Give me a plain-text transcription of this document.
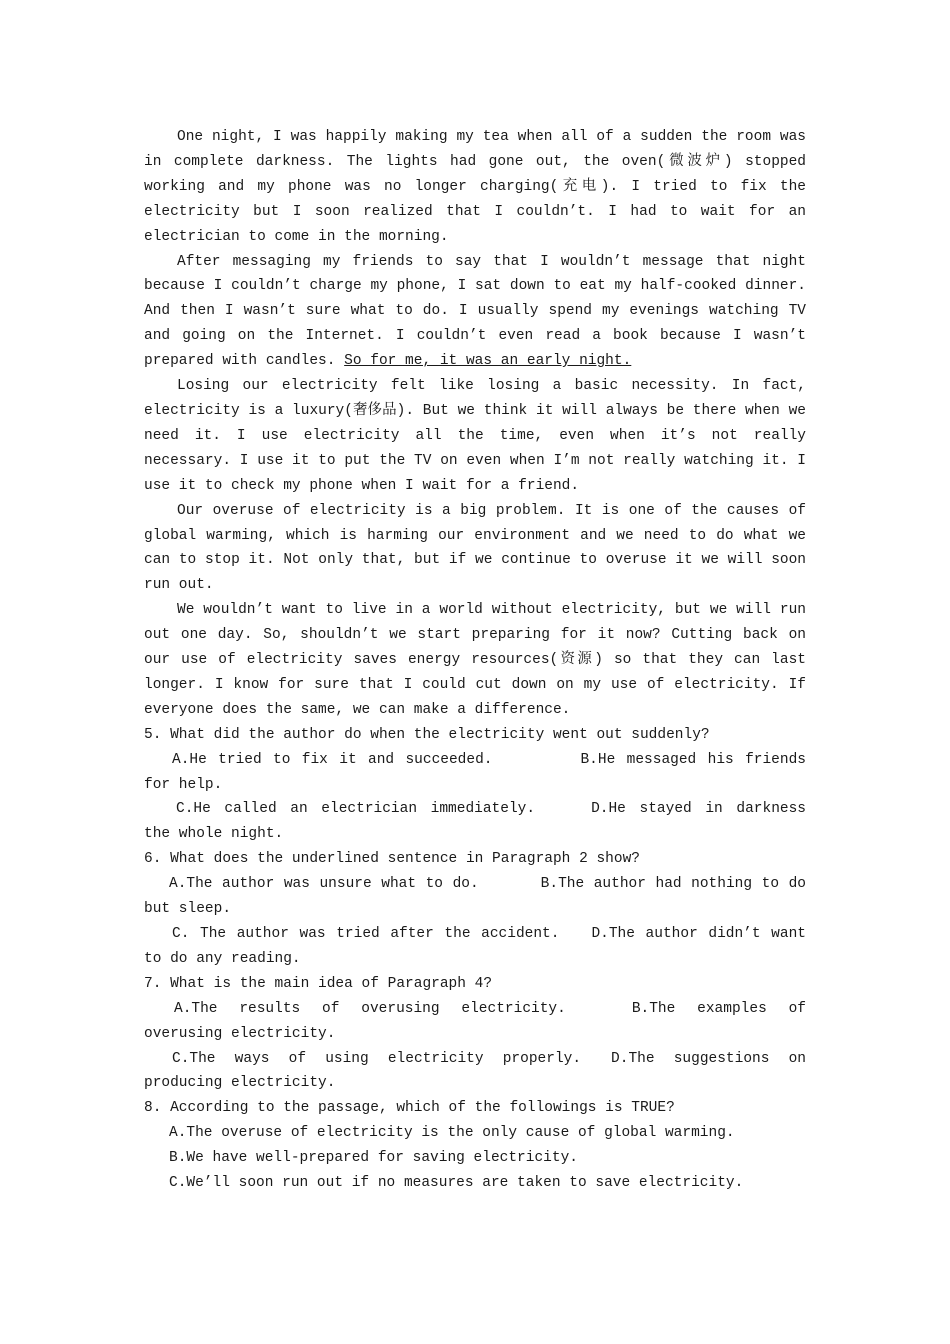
One night, I was happily making my tea when all of a sudden the room was in complete darkness. The lights had gone out, the oven(微波炉) stopped working and my phone was no longer charging(充电). I tried to fix the electricity but I soon realized that I couldn’t. I had to wait for an electrician to come in the morning.

After messaging my friends to say that I wouldn’t message that night because I couldn’t charge my phone, I sat down to eat my half-cooked dinner. And then I wasn’t sure what to do. I usually spend my evenings watching TV and going on the Internet. I couldn’t even read a book because I wasn’t prepared with candles. So for me, it was an early night.

Losing our electricity felt like losing a basic necessity. In fact, electricity is a luxury(奢侈品). But we think it will always be there when we need it. I use electricity all the time, even when it’s not really necessary. I use it to put the TV on even when I’m not really watching it. I use it to check my phone when I wait for a friend.

Our overuse of electricity is a big problem. It is one of the causes of global warming, which is harming our environment and we need to do what we can to stop it. Not only that, but if we continue to overuse it we will soon run out.

We wouldn’t want to live in a world without electricity, but we will run out one day. So, shouldn’t we start preparing for it now? Cutting back on our use of electricity saves energy resources(资源) so that they can last longer. I know for sure that I could cut down on my use of electricity. If everyone does the same, we can make a difference.

5. What did the author do when the electricity went out suddenly?

A.He tried to fix it and succeeded.	B.He messaged his friends for help.

C.He called an electrician immediately.	D.He stayed in darkness the whole night.

6. What does the underlined sentence in Paragraph 2 show?

A.The author was unsure what to do.	B.The author had nothing to do but sleep.

C. The author was tried after the accident. D.The author didn’t want to do any reading.

7. What is the main idea of Paragraph 4?

A.The results of overusing electricity.	B.The examples of overusing electricity.

C.The ways of using electricity properly. D.The suggestions on producing electricity.

8. According to the passage, which of the followings is TRUE?

A.The overuse of electricity is the only cause of global warming.

B.We have well-prepared for saving electricity.

C.We’ll soon run out if no measures are taken to save electricity.
